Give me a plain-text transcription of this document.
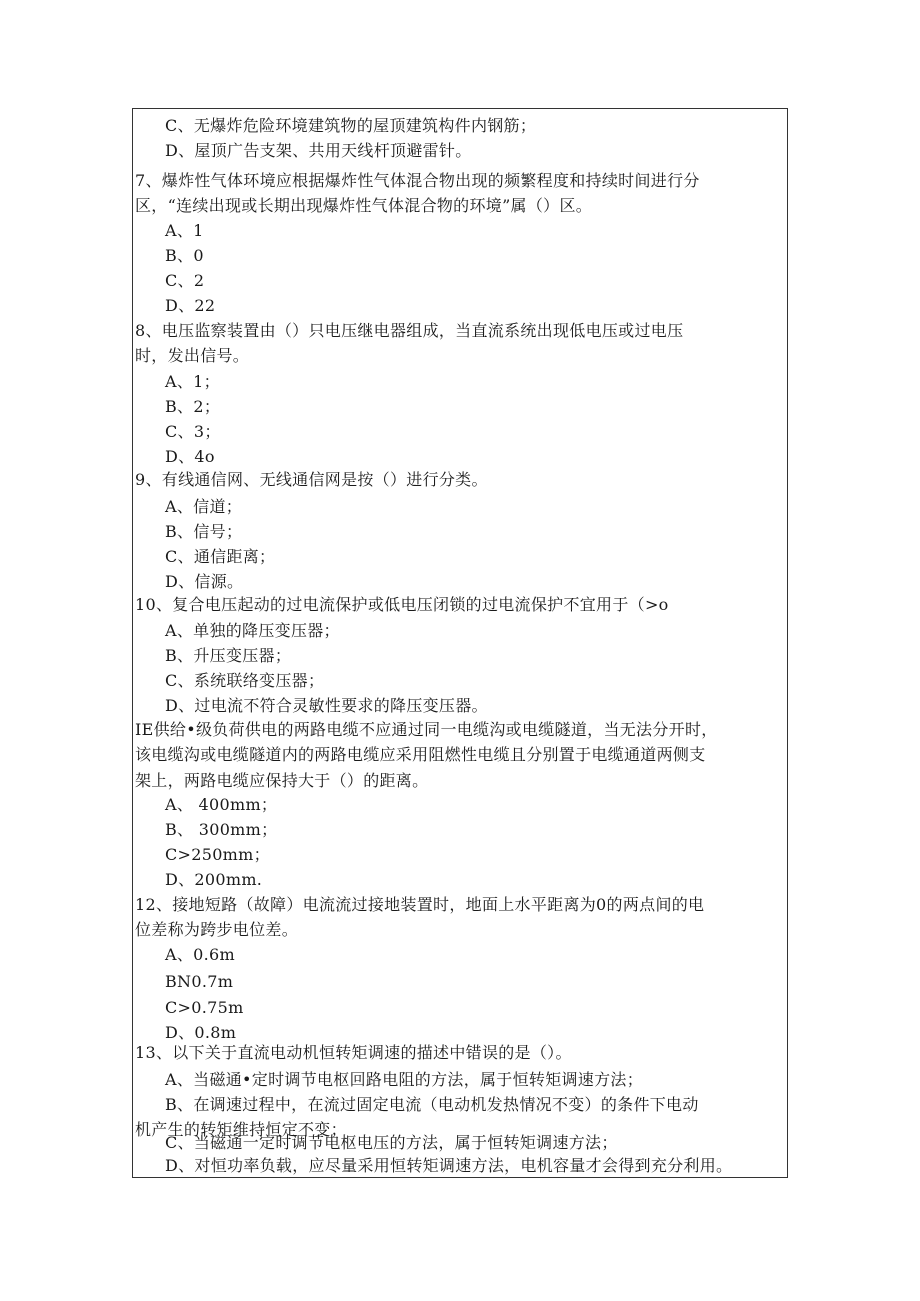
C、无爆炸危险环境建筑物的屋顶建筑构件内钢筋；
D、屋顶广告支架、共用天线杆顶避雷针。
7、爆炸性气体环境应根据爆炸性气体混合物出现的频繁程度和持续时间进行分
区，“连续出现或长期出现爆炸性气体混合物的环境”属（）区。
A、1
B、0
C、2
D、22
8、电压监察装置由（）只电压继电器组成，当直流系统出现低电压或过电压
时，发出信号。
A、1；
B、2；
C、3；
D、4o
9、有线通信网、无线通信网是按（）进行分类。
A、信道；
B、信号；
C、通信距离；
D、信源。
10、复合电压起动的过电流保护或低电压闭锁的过电流保护不宜用于（>o
A、单独的降压变压器；
B、升压变压器；
C、系统联络变压器；
D、过电流不符合灵敏性要求的降压变压器。
IE供给•级负荷供电的两路电缆不应通过同一电缆沟或电缆隧道，当无法分开时，
该电缆沟或电缆隧道内的两路电缆应采用阻燃性电缆且分别置于电缆通道两侧支
架上，两路电缆应保持大于（）的距离。
A、 400mm；
B、 300mm；
C>250mm；
D、200mm.
12、接地短路（故障）电流流过接地装置时，地面上水平距离为0的两点间的电
位差称为跨步电位差。
A、0.6m
BN0.7m
C>0.75m
D、0.8m
13、以下关于直流电动机恒转矩调速的描述中错误的是（）。
A、当磁通•定时调节电枢回路电阻的方法，属于恒转矩调速方法；
B、在调速过程中，在流过固定电流（电动机发热情况不变）的条件下电动
机产生的转矩维持恒定不变；
C、当磁通一定时调节电枢电压的方法，属于恒转矩调速方法；
D、对恒功率负载，应尽量采用恒转矩调速方法，电机容量才会得到充分利用。
